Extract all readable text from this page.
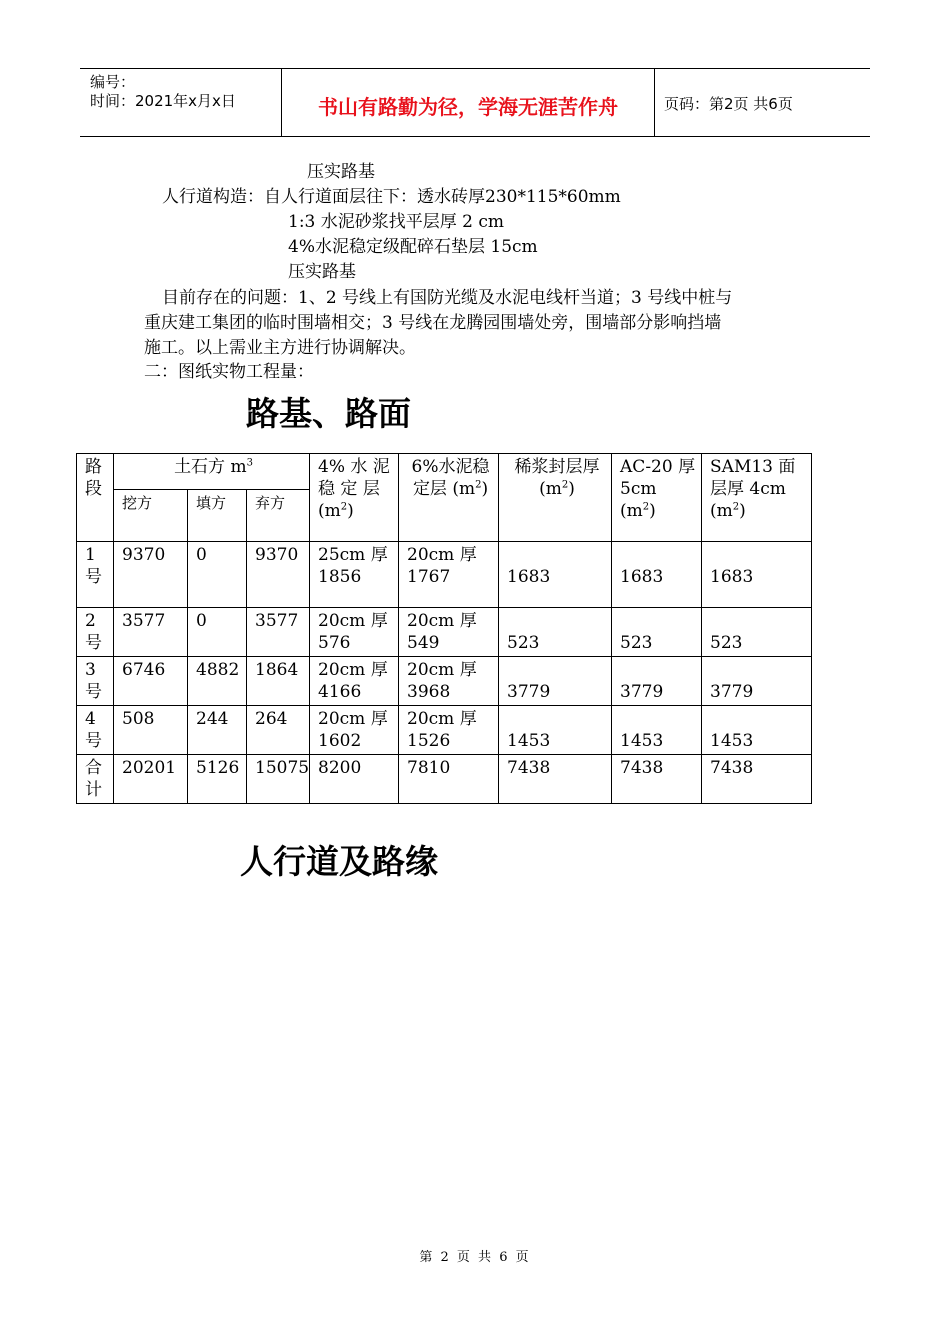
编号：
时间：2021年x月x日	书山有路勤为径，学海无涯苦作舟	页码：第2页 共6页
压实路基
人行道构造：自人行道面层往下：透水砖厚230*115*60mm
1:3 水泥砂浆找平层厚 2 cm
4%水泥稳定级配碎石垫层 15cm
压实路基
目前存在的问题：1、2 号线上有国防光缆及水泥电线杆当道；3 号线中桩与
重庆建工集团的临时围墙相交；3 号线在龙腾园围墙处旁，围墙部分影响挡墙
施工。以上需业主方进行协调解决。
二：图纸实物工程量：
路基、路面
路段	土石方 $m^3$			4% 水 泥 稳 定 层 $(m^2)$	6%水泥稳定层 $(m^2)$	稀浆封层厚 $(m^2)$	AC-20 厚 5cm $(m^2)$	SAM13 面层厚 4cm $(m^2)$
	挖方	填方	弃方					
1号	9370	0	9370	25cm 厚 1856	20cm 厚 1767	1683	1683	1683

2号	3577	0	3577	20cm 厚 576	20cm 厚 549	523	523	523

3号	6746	4882	1864	20cm 厚 4166	20cm 厚 3968	3779	3779	3779

4号	508	244	264	20cm 厚 1602	20cm 厚 1526	1453	1453	1453

合计	20201	5126	15075	8200	7810	7438	7438	7438
人行道及路缘
第 2 页 共 6 页
